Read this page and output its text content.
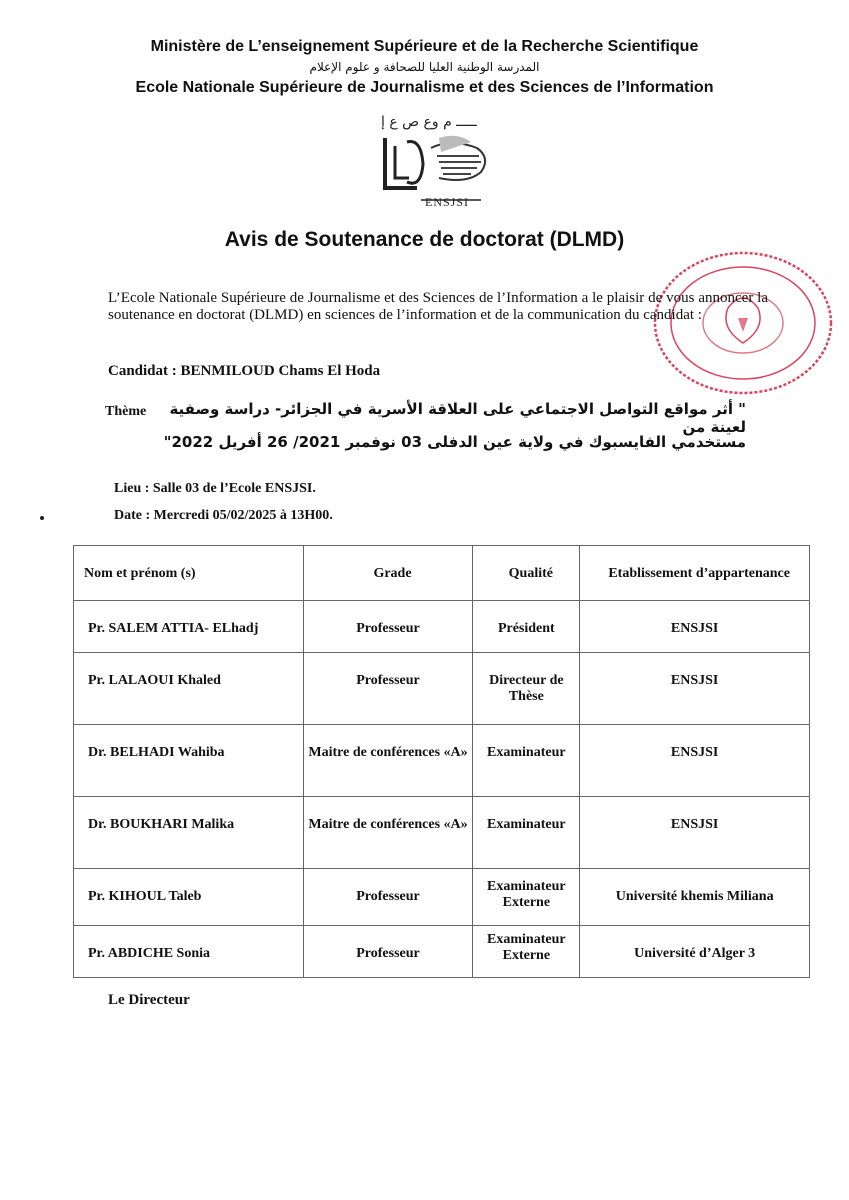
Ministère de L’enseignement Supérieure et de la Recherche Scientifique
المدرسة الوطنية العليا للصحافة و علوم الإعلام
Ecole Nationale Supérieure de Journalisme et des Sciences de l’Information
ـــــ م وع ص ع إ
ENSJSI
Avis de Soutenance de doctorat (DLMD)
L’Ecole Nationale Supérieure de Journalisme et des Sciences de l’Information a le plaisir de vous annoncer la soutenance en doctorat (DLMD) en sciences de l’information et de la communication du candidat :
Candidat : BENMILOUD Chams El Hoda
Thème " أثر مواقع التواصل الاجتماعي على العلاقة الأسرية في الجزائر- دراسة وصفية لعينة من
مستخدمي الفايسبوك في ولاية عين الدفلى 03 نوفمبر 2021/ 26 أفريل 2022"
Lieu : Salle 03 de l’Ecole ENSJSI.
Date : Mercredi 05/02/2025 à 13H00.
Nom et prénom (s)	Grade	Qualité	Etablissement d’appartenance
Pr. SALEM ATTIA- ELhadj	Professeur	Président	ENSJSI
Pr. LALAOUI Khaled	Professeur	Directeur de Thèse	ENSJSI
Dr. BELHADI Wahiba	Maitre de conférences «A»	Examinateur	ENSJSI
Dr. BOUKHARI Malika	Maitre de conférences «A»	Examinateur	ENSJSI
Pr. KIHOUL Taleb	Professeur	Examinateur Externe	Université khemis Miliana
Pr. ABDICHE Sonia	Professeur	Examinateur Externe	Université d’Alger 3
Le Directeur
